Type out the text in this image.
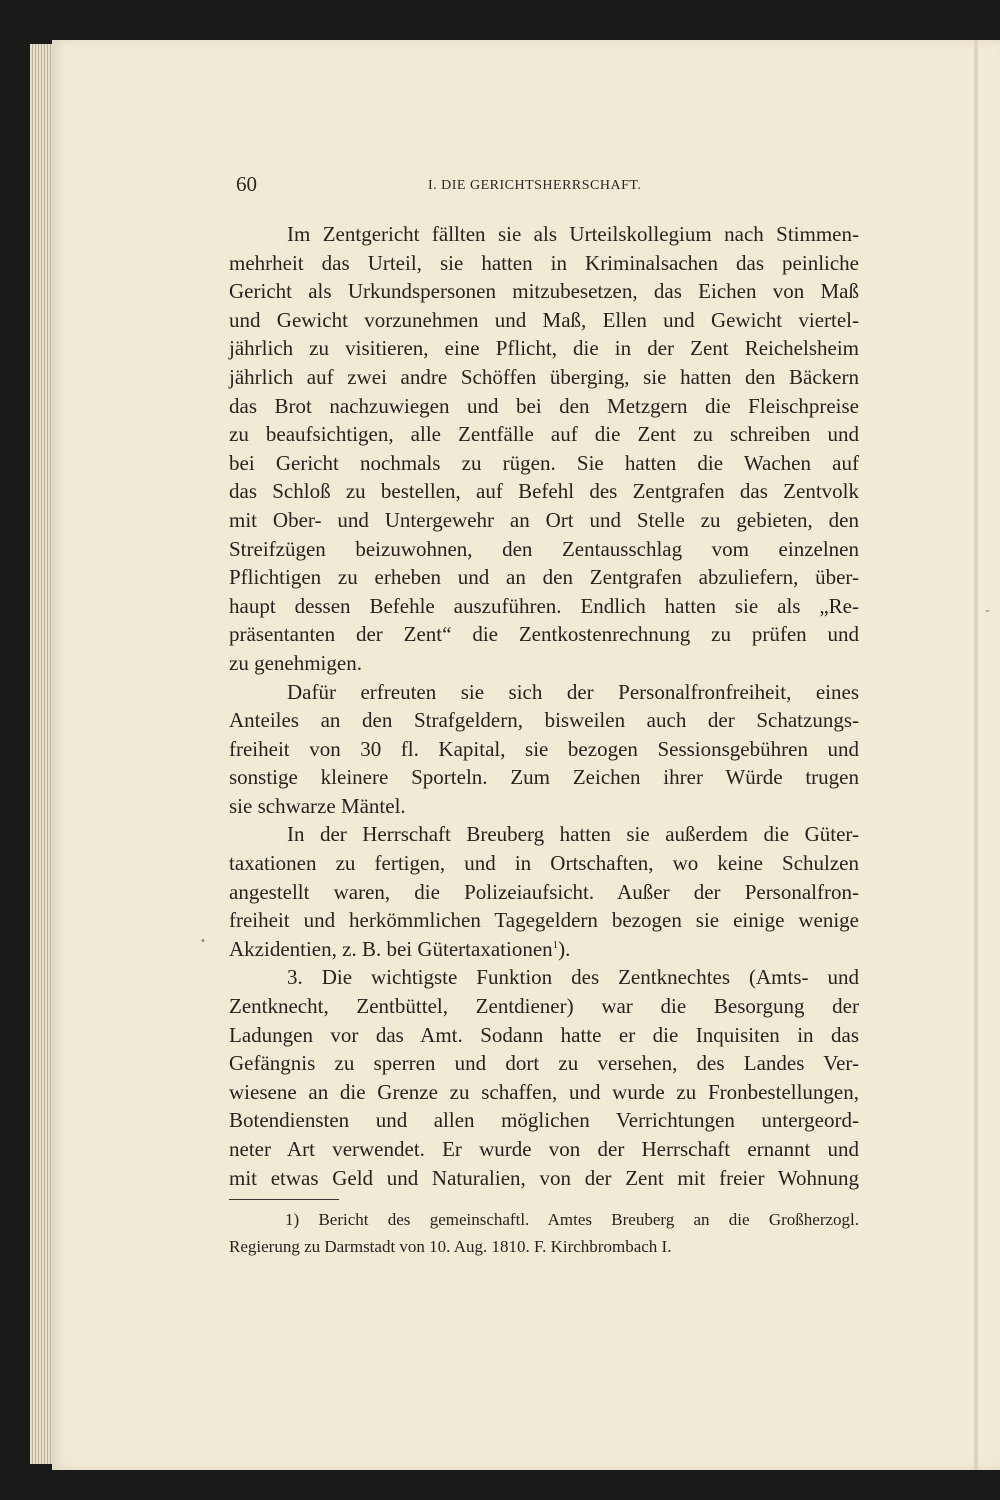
60	I. DIE GERICHTSHERRSCHAFT.
Im Zentgericht fällten sie als Urteilskollegium nach Stimmen-
mehrheit das Urteil, sie hatten in Kriminalsachen das peinliche
Gericht als Urkundspersonen mitzubesetzen, das Eichen von Maß
und Gewicht vorzunehmen und Maß, Ellen und Gewicht viertel-
jährlich zu visitieren, eine Pflicht, die in der Zent Reichelsheim
jährlich auf zwei andre Schöffen überging, sie hatten den Bäckern
das Brot nachzuwiegen und bei den Metzgern die Fleischpreise
zu beaufsichtigen, alle Zentfälle auf die Zent zu schreiben und
bei Gericht nochmals zu rügen. Sie hatten die Wachen auf
das Schloß zu bestellen, auf Befehl des Zentgrafen das Zentvolk
mit Ober- und Untergewehr an Ort und Stelle zu gebieten, den
Streifzügen beizuwohnen, den Zentausschlag vom einzelnen
Pflichtigen zu erheben und an den Zentgrafen abzuliefern, über-
haupt dessen Befehle auszuführen. Endlich hatten sie als „Re-
präsentanten der Zent“ die Zentkostenrechnung zu prüfen und
zu genehmigen.
Dafür erfreuten sie sich der Personalfronfreiheit, eines
Anteiles an den Strafgeldern, bisweilen auch der Schatzungs-
freiheit von 30 fl. Kapital, sie bezogen Sessionsgebühren und
sonstige kleinere Sporteln. Zum Zeichen ihrer Würde trugen
sie schwarze Mäntel.
In der Herrschaft Breuberg hatten sie außerdem die Güter-
taxationen zu fertigen, und in Ortschaften, wo keine Schulzen
angestellt waren, die Polizeiaufsicht. Außer der Personalfron-
freiheit und herkömmlichen Tagegeldern bezogen sie einige wenige
Akzidentien, z. B. bei Gütertaxationen$^1$).
3. Die wichtigste Funktion des Zentknechtes (Amts- und
Zentknecht, Zentbüttel, Zentdiener) war die Besorgung der
Ladungen vor das Amt. Sodann hatte er die Inquisiten in das
Gefängnis zu sperren und dort zu versehen, des Landes Ver-
wiesene an die Grenze zu schaffen, und wurde zu Fronbestellungen,
Botendiensten und allen möglichen Verrichtungen untergeord-
neter Art verwendet. Er wurde von der Herrschaft ernannt und
mit etwas Geld und Naturalien, von der Zent mit freier Wohnung
1) Bericht des gemeinschaftl. Amtes Breuberg an die Großherzogl.
Regierung zu Darmstadt von 10. Aug. 1810. F. Kirchbrombach I.
•
-
